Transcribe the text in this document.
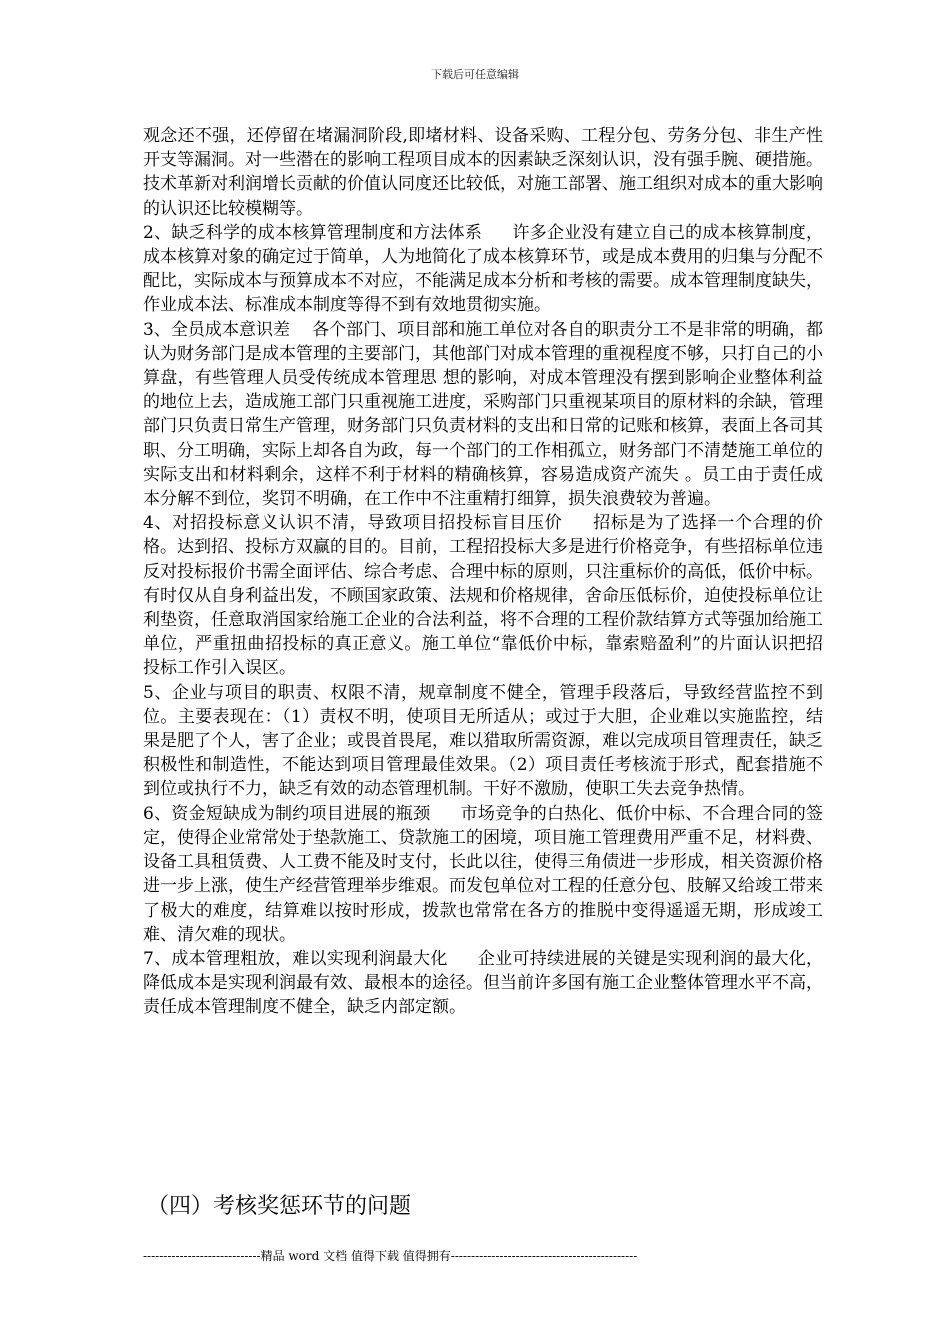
下载后可任意编辑

观念还不强，还停留在堵漏洞阶段,即堵材料、设备采购、工程分包、劳务分包、非生产性开支等漏洞。对一些潜在的影响工程项目成本的因素缺乏深刻认识，没有强手腕、硬措施。技术革新对利润增长贡献的价值认同度还比较低，对施工部署、施工组织对成本的重大影响的认识还比较模糊等。

2、缺乏科学的成本核算管理制度和方法体系 许多企业没有建立自己的成本核算制度，成本核算对象的确定过于简单，人为地简化了成本核算环节，或是成本费用的归集与分配不配比，实际成本与预算成本不对应，不能满足成本分析和考核的需要。成本管理制度缺失，作业成本法、标准成本制度等得不到有效地贯彻实施。

3、全员成本意识差 各个部门、项目部和施工单位对各自的职责分工不是非常的明确，都认为财务部门是成本管理的主要部门，其他部门对成本管理的重视程度不够，只打自己的小算盘，有些管理人员受传统成本管理思 想的影响，对成本管理没有摆到影响企业整体利益的地位上去，造成施工部门只重视施工进度，采购部门只重视某项目的原材料的余缺，管理部门只负责日常生产管理，财务部门只负责材料的支出和日常的记账和核算，表面上各司其职、分工明确，实际上却各自为政，每一个部门的工作相孤立，财务部门不清楚施工单位的实际支出和材料剩余，这样不利于材料的精确核算，容易造成资产流失 。员工由于责任成本分解不到位，奖罚不明确，在工作中不注重精打细算，损失浪费较为普遍。

4、对招投标意义认识不清，导致项目招投标盲目压价 招标是为了选择一个合理的价格。达到招、投标方双赢的目的。目前，工程招投标大多是进行价格竞争，有些招标单位违反对投标报价书需全面评估、综合考虑、合理中标的原则，只注重标价的高低，低价中标。有时仅从自身利益出发，不顾国家政策、法规和价格规律，舍命压低标价，迫使投标单位让利垫资，任意取消国家给施工企业的合法利益，将不合理的工程价款结算方式等强加给施工单位，严重扭曲招投标的真正意义。施工单位“靠低价中标，靠索赔盈利”的片面认识把招投标工作引入误区。

5、企业与项目的职责、权限不清，规章制度不健全，管理手段落后，导致经营监控不到位。主要表现在：（1）责权不明，使项目无所适从；或过于大胆，企业难以实施监控，结果是肥了个人，害了企业；或畏首畏尾，难以猎取所需资源，难以完成项目管理责任，缺乏积极性和制造性，不能达到项目管理最佳效果。（2）项目责任考核流于形式，配套措施不到位或执行不力，缺乏有效的动态管理机制。干好不激励，使职工失去竞争热情。

6、资金短缺成为制约项目进展的瓶颈 市场竞争的白热化、低价中标、不合理合同的签定，使得企业常常处于垫款施工、贷款施工的困境，项目施工管理费用严重不足，材料费、设备工具租赁费、人工费不能及时支付，长此以往，使得三角债进一步形成，相关资源价格进一步上涨，使生产经营管理举步维艰。而发包单位对工程的任意分包、肢解又给竣工带来了极大的难度，结算难以按时形成，拨款也常常在各方的推脱中变得遥遥无期，形成竣工难、清欠难的现状。

7、成本管理粗放，难以实现利润最大化 企业可持续进展的关键是实现利润的最大化，降低成本是实现利润最有效、最根本的途径。但当前许多国有施工企业整体管理水平不高，责任成本管理制度不健全，缺乏内部定额。

（四）考核奖惩环节的问题
-----------------------------精品 word 文档 值得下载 值得拥有----------------------------------------------
